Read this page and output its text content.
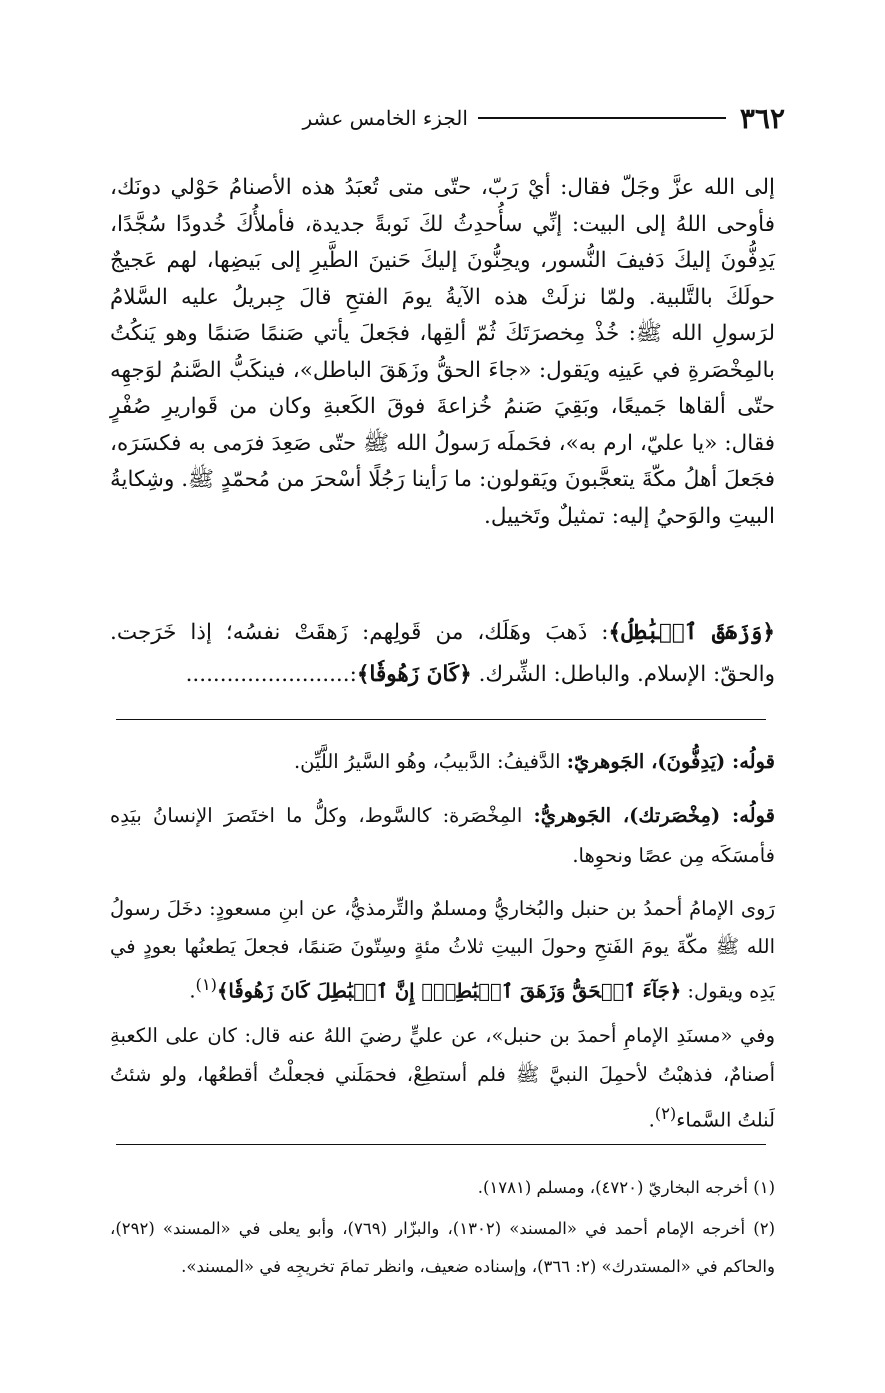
٣٦٢
الجزء الخامس عشر

إلى الله عزَّ وجَلّ فقال: أيْ رَبّ، حتّى متى تُعبَدُ هذه الأصنامُ حَوْلي دونَك، فأوحى اللهُ إلى البيت: إنِّي سأُحدِثُ لكَ نَوبةً جديدة، فأملأُكَ خُدودًا سُجَّدًا، يَدِفُّونَ إليكَ دَفيفَ النُّسور، ويحِنُّونَ إليكَ حَنينَ الطَّيرِ إلى بَيضِها، لهم عَجيجٌ حولَكَ بالتَّلبية. ولمّا نزلَتْ هذه الآيةُ يومَ الفتحِ قالَ جِبريلُ عليه السَّلامُ لرَسولِ الله ﷺ: خُذْ مِخصرَتَكَ ثُمّ ألقِها، فجَعلَ يأتي صَنمًا صَنمًا وهو يَنكُتُ بالمِخْصَرةِ في عَينِه ويَقول: «جاءَ الحقُّ وزَهَقَ الباطل»، فينكَبُّ الصَّنمُ لوَجهِه حتّى ألقاها جَميعًا، وبَقِيَ صَنمُ خُزاعةَ فوقَ الكَعبةِ وكان من قَواريرِ صُفْرٍ فقال: «يا عليّ، ارم به»، فحَملَه رَسولُ الله ﷺ حتّى صَعِدَ فرَمى به فكسَرَه، فجَعلَ أهلُ مكّةَ يتعجَّبونَ ويَقولون: ما رَأينا رَجُلًا أسْحرَ من مُحمّدٍ ﷺ. وشِكايةُ البيتِ والوَحيُ إليه: تمثيلٌ وتَخييل.

﴿وَزَهَقَ ٱلۡبَٰطِلُ﴾: ذَهبَ وهَلَك، من قَولِهم: زَهقَتْ نفسُه؛ إذا خَرَجت. والحقّ: الإسلام. والباطل: الشِّرك. ﴿كَانَ زَهُوقٗا﴾:........................

قولُه: (يَدِفُّونَ)، الجَوهريّ: الدَّفيفُ: الدَّبيبُ، وهُو السَّيرُ اللَّيِّن.

قولُه: (مِخْصَرتك)، الجَوهريُّ: المِخْصَرة: كالسَّوط، وكلُّ ما اختَصرَ الإنسانُ بيَدِه فأمسَكَه مِن عصًا ونحوِها.

رَوى الإمامُ أحمدُ بن حنبل والبُخاريُّ ومسلمٌ والتِّرمذيُّ، عن ابنِ مسعودٍ: دخَلَ رسولُ الله ﷺ مكّةَ يومَ الفَتحِ وحولَ البيتِ ثلاثُ مئةٍ وسِتّونَ صَنمًا، فجعلَ يَطعنُها بعودٍ في يَدِه ويقول: ﴿جَآءَ ٱلۡحَقُّ وَزَهَقَ ٱلۡبَٰطِلُۚ إِنَّ ٱلۡبَٰطِلَ كَانَ زَهُوقٗا﴾$^{(١)}$.

وفي «مسنَدِ الإمامِ أحمدَ بن حنبل»، عن عليٍّ رضيَ اللهُ عنه قال: كان على الكعبةِ أصنامٌ، فذهبْتُ لأحمِلَ النبيَّ ﷺ فلم أستطِعْ، فحمَلَني فجعلْتُ أقطعُها، ولو شئتُ لَنلتُ السَّماء$^{(٢)}$.

(١) أخرجه البخاريّ (٤٧٢٠)، ومسلم (١٧٨١).

(٢) أخرجه الإمام أحمد في «المسند» (١٣٠٢)، والبزّار (٧٦٩)، وأبو يعلى في «المسند» (٢٩٢)، والحاكم في «المستدرك» (٢: ٣٦٦)، وإسناده ضعيف، وانظر تمامَ تخريجِه في «المسند».
